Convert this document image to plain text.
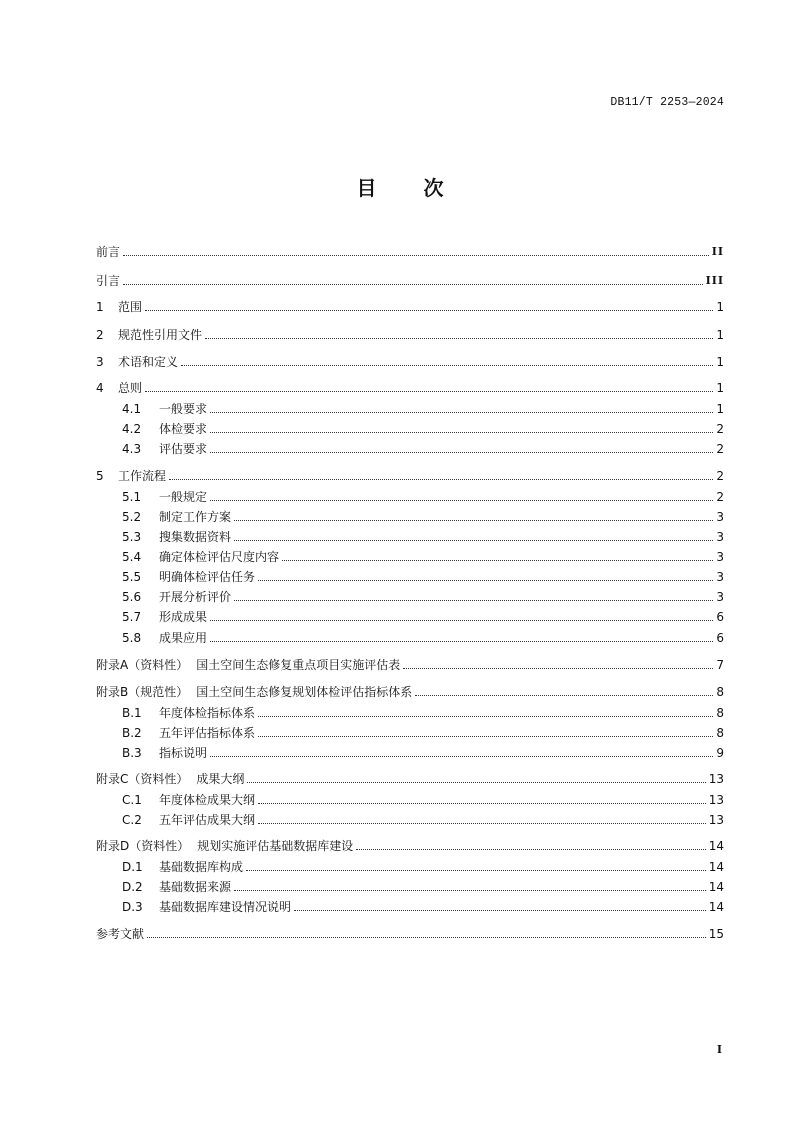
DB11/T 2253—2024
目 次
前言	II
引言	III
1	范围	1
2	规范性引用文件	1
3	术语和定义	1
4	总则	1
4.1	一般要求	1
4.2	体检要求	2
4.3	评估要求	2
5	工作流程	2
5.1	一般规定	2
5.2	制定工作方案	3
5.3	搜集数据资料	3
5.4	确定体检评估尺度内容	3
5.5	明确体检评估任务	3
5.6	开展分析评价	3
5.7	形成成果	6
5.8	成果应用	6
附录A（资料性） 国土空间生态修复重点项目实施评估表	7
附录B（规范性） 国土空间生态修复规划体检评估指标体系	8
B.1	年度体检指标体系	8
B.2	五年评估指标体系	8
B.3	指标说明	9
附录C（资料性） 成果大纲	13
C.1	年度体检成果大纲	13
C.2	五年评估成果大纲	13
附录D（资料性） 规划实施评估基础数据库建设	14
D.1	基础数据库构成	14
D.2	基础数据来源	14
D.3	基础数据库建设情况说明	14
参考文献	15
I
